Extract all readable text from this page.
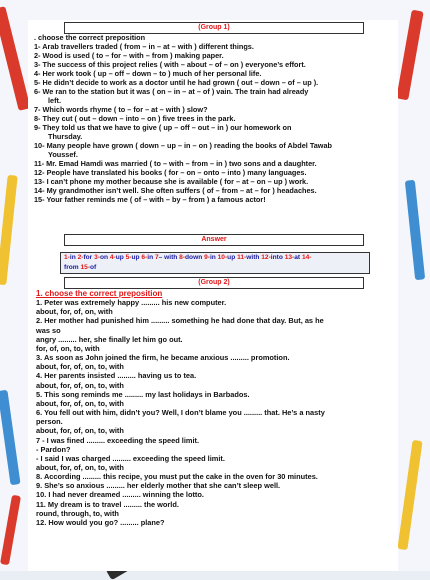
(Group 1)
. choose the correct preposition
1- Arab travellers traded ( from – in – at – with ) different things.
2- Wood is used ( to – for – with – from ) making paper.
3- The success of this project relies ( with – about – of – on ) everyone’s effort.
4- Her work took ( up – off – down – to ) much of her personal life.
5- He didn’t decide to work as a doctor until he had grown ( out – down – of – up ).
6- We ran to the station but it was ( on – in – at – of ) vain. The train had already
left.
7- Which words rhyme ( to – for – at – with ) slow?
8- They cut ( out – down – into – on ) five trees in the park.
9- They told us that we have to give ( up – off – out – in ) our homework on
Thursday.
10- Many people have grown ( down – up – in – on ) reading the books of Abdel Tawab
Youssef.
11- Mr. Emad Hamdi was married ( to – with – from – in ) two sons and a daughter.
12- People have translated his books ( for – on – onto – into ) many languages.
13- I can’t phone my mother because she is available ( for – at – on – up ) work.
14- My grandmother isn’t well. She often suffers ( of – from – at – for ) headaches.
15- Your father reminds me ( of – with – by – from ) a famous actor!
Answer
1-in 2-for 3-on 4-up 5-up 6-in 7– with 8-down 9-in 10-up 11-with 12-into 13-at 14-
from 15-of
(Group 2)
1. choose the correct preposition
1. Peter was extremely happy ......... his new computer.
about, for, of, on, with
2. Her mother had punished him ......... something he had done that day. But, as he
was so
angry ......... her, she finally let him go out.
for, of, on, to, with
3. As soon as John joined the firm, he became anxious ......... promotion.
about, for, of, on, to, with
4. Her parents insisted ......... having us to tea.
about, for, of, on, to, with
5. This song reminds me ......... my last holidays in Barbados.
about, for, of, on, to, with
6. You fell out with him, didn’t you? Well, I don’t blame you ......... that. He’s a nasty
person.
about, for, of, on, to, with
7 - I was fined ......... exceeding the speed limit.
- Pardon?
- I said I was charged ......... exceeding the speed limit.
about, for, of, on, to, with
8. According ......... this recipe, you must put the cake in the oven for 30 minutes.
9. She’s so anxious ......... her elderly mother that she can’t sleep well.
10. I had never dreamed ......... winning the lotto.
11. My dream is to travel ......... the world.
round, through, to, with
12. How would you go? ......... plane?
